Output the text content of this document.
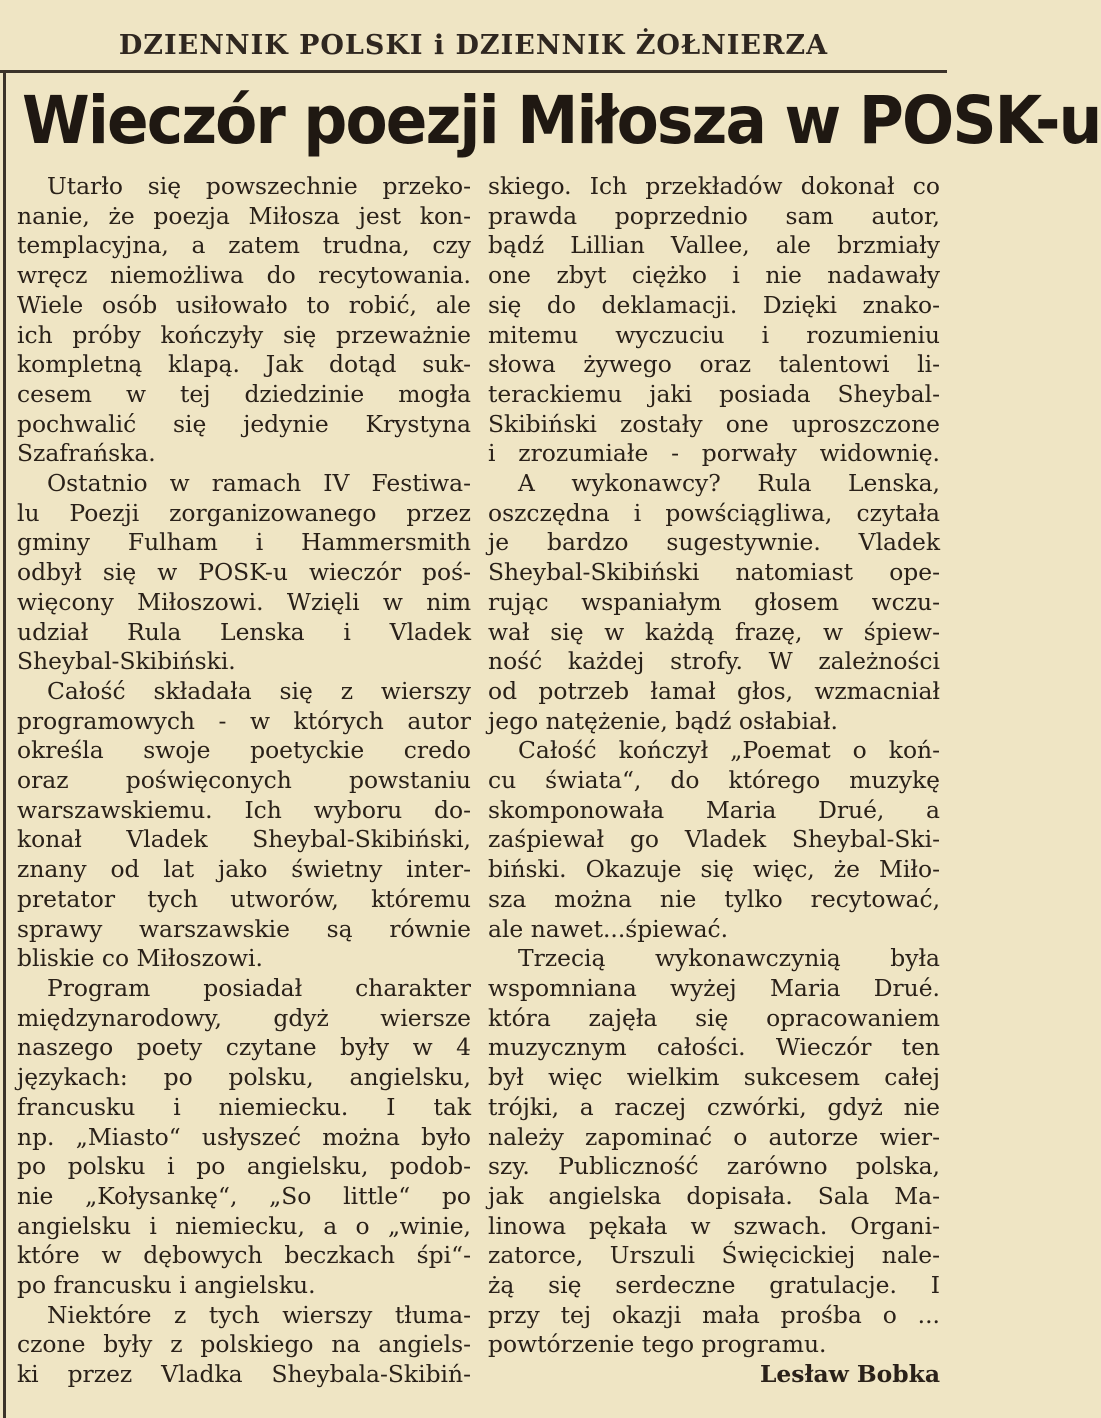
DZIENNIK POLSKI i DZIENNIK ŻOŁNIERZA
Wieczór poezji Miłosza w POSK-u
Utarło się powszechnie przeko-
nanie, że poezja Miłosza jest kon-
templacyjna, a zatem trudna, czy
wręcz niemożliwa do recytowania.
Wiele osób usiłowało to robić, ale
ich próby kończyły się przeważnie
kompletną klapą. Jak dotąd suk-
cesem w tej dziedzinie mogła
pochwalić się jedynie Krystyna
Szafrańska.
Ostatnio w ramach IV Festiwa-
lu Poezji zorganizowanego przez
gminy Fulham i Hammersmith
odbył się w POSK-u wieczór poś-
więcony Miłoszowi. Wzięli w nim
udział Rula Lenska i Vladek
Sheybal-Skibiński.
Całość składała się z wierszy
programowych - w których autor
określa swoje poetyckie credo
oraz poświęconych powstaniu
warszawskiemu. Ich wyboru do-
konał Vladek Sheybal-Skibiński,
znany od lat jako świetny inter-
pretator tych utworów, któremu
sprawy warszawskie są równie
bliskie co Miłoszowi.
Program posiadał charakter
międzynarodowy, gdyż wiersze
naszego poety czytane były w 4
językach: po polsku, angielsku,
francusku i niemiecku. I tak
np. „Miasto“ usłyszeć można było
po polsku i po angielsku, podob-
nie „Kołysankę“, „So little“ po
angielsku i niemiecku, a o „winie,
które w dębowych beczkach śpi“-
po francusku i angielsku.
Niektóre z tych wierszy tłuma-
czone były z polskiego na angiels-
ki przez Vladka Sheybala-Skibiń-
skiego. Ich przekładów dokonał co
prawda poprzednio sam autor,
bądź Lillian Vallee, ale brzmiały
one zbyt ciężko i nie nadawały
się do deklamacji. Dzięki znako-
mitemu wyczuciu i rozumieniu
słowa żywego oraz talentowi li-
terackiemu jaki posiada Sheybal-
Skibiński zostały one uproszczone
i zrozumiałe - porwały widownię.
A wykonawcy? Rula Lenska,
oszczędna i powściągliwa, czytała
je bardzo sugestywnie. Vladek
Sheybal-Skibiński natomiast ope-
rując wspaniałym głosem wczu-
wał się w każdą frazę, w śpiew-
ność każdej strofy. W zależności
od potrzeb łamał głos, wzmacniał
jego natężenie, bądź osłabiał.
Całość kończył „Poemat o koń-
cu świata“, do którego muzykę
skomponowała Maria Drué, a
zaśpiewał go Vladek Sheybal-Ski-
biński. Okazuje się więc, że Miło-
sza można nie tylko recytować,
ale nawet...śpiewać.
Trzecią wykonawczynią była
wspomniana wyżej Maria Drué.
która zajęła się opracowaniem
muzycznym całości. Wieczór ten
był więc wielkim sukcesem całej
trójki, a raczej czwórki, gdyż nie
należy zapominać o autorze wier-
szy. Publiczność zarówno polska,
jak angielska dopisała. Sala Ma-
linowa pękała w szwach. Organi-
zatorce, Urszuli Święcickiej nale-
żą się serdeczne gratulacje. I
przy tej okazji mała prośba o ...
powtórzenie tego programu.
Lesław Bobka
